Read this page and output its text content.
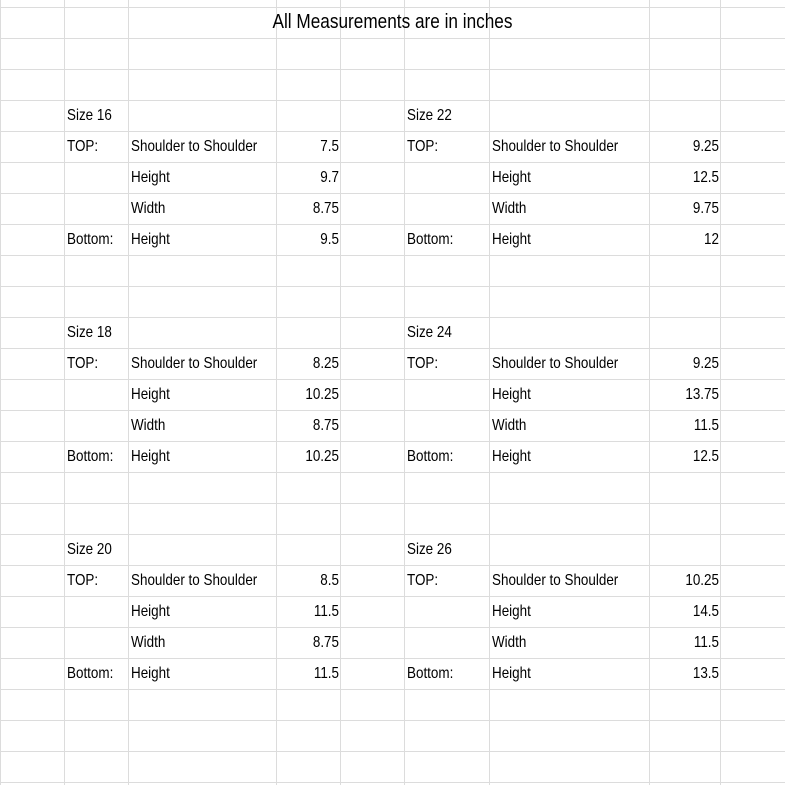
All Measurements are in inches
Size 16
TOP: Shoulder to Shoulder	7.5
Height	9.7
Width	8.75
Bottom: Height	9.5
Size 22
TOP:	Shoulder to Shoulder	9.25
Height	12.5
Width	9.75
Bottom: Height	12
Size 18
TOP: Shoulder to Shoulder	8.25
Height	10.25
Width	8.75
Bottom: Height	10.25
Size 24
TOP:	Shoulder to Shoulder	9.25
Height	13.75
Width	11.5
Bottom: Height	12.5
Size 20
TOP: Shoulder to Shoulder	8.5
Height	11.5
Width	8.75
Bottom: Height	11.5
Size 26
TOP:	Shoulder to Shoulder	10.25
Height	14.5
Width	11.5
Bottom: Height	13.5
